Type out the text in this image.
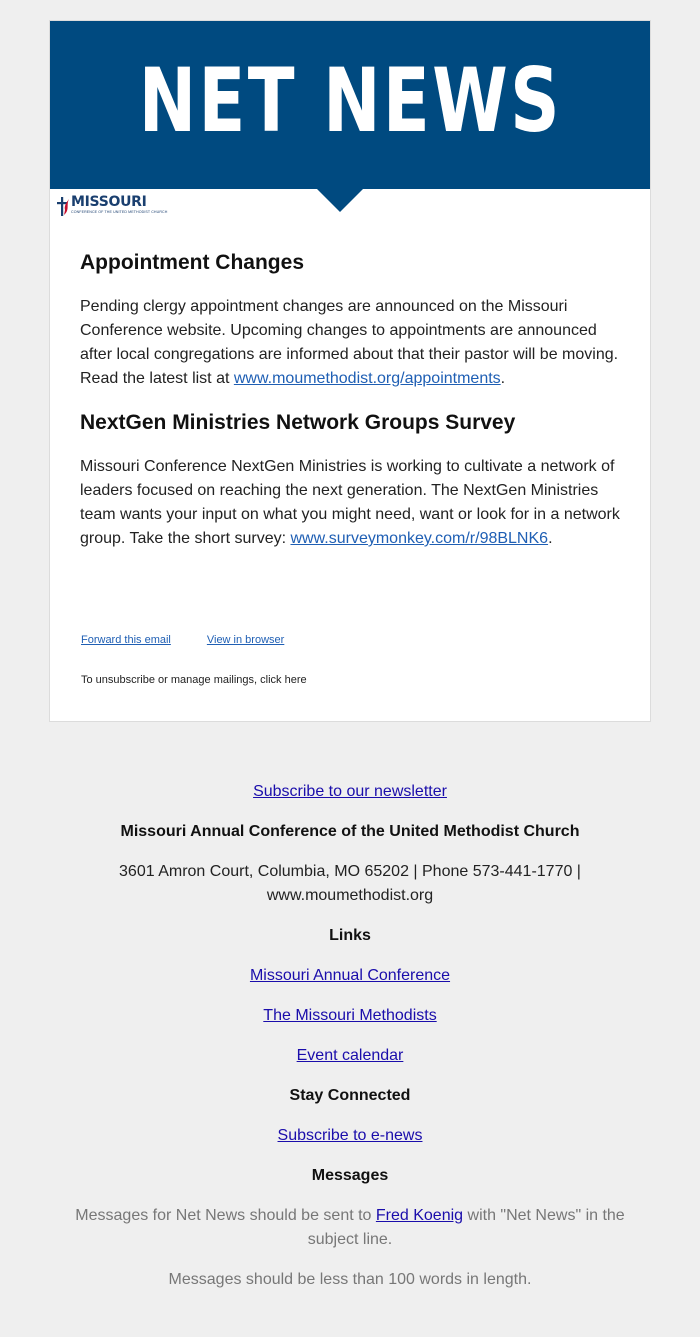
NET NEWS
MISSOURI
CONFERENCE OF THE UNITED METHODIST CHURCH
Appointment Changes

Pending clergy appointment changes are announced on the Missouri Conference website. Upcoming changes to appointments are announced after local congregations are informed about that their pastor will be moving. Read the latest list at www.moumethodist.org/appointments.

NextGen Ministries Network Groups Survey

Missouri Conference NextGen Ministries is working to cultivate a network of leaders focused on reaching the next generation. The NextGen Ministries team wants your input on what you might need, want or look for in a network group. Take the short survey: www.surveymonkey.com/r/98BLNK6.

Forward this email	View in browser
To unsubscribe or manage mailings, click here

Subscribe to our newsletter

Missouri Annual Conference of the United Methodist Church

3601 Amron Court, Columbia, MO 65202 | Phone 573-441-1770 |

www.moumethodist.org

Links

Missouri Annual Conference

The Missouri Methodists

Event calendar

Stay Connected

Subscribe to e-news

Messages

Messages for Net News should be sent to Fred Koenig with "Net News" in the subject line.

Messages should be less than 100 words in length.
